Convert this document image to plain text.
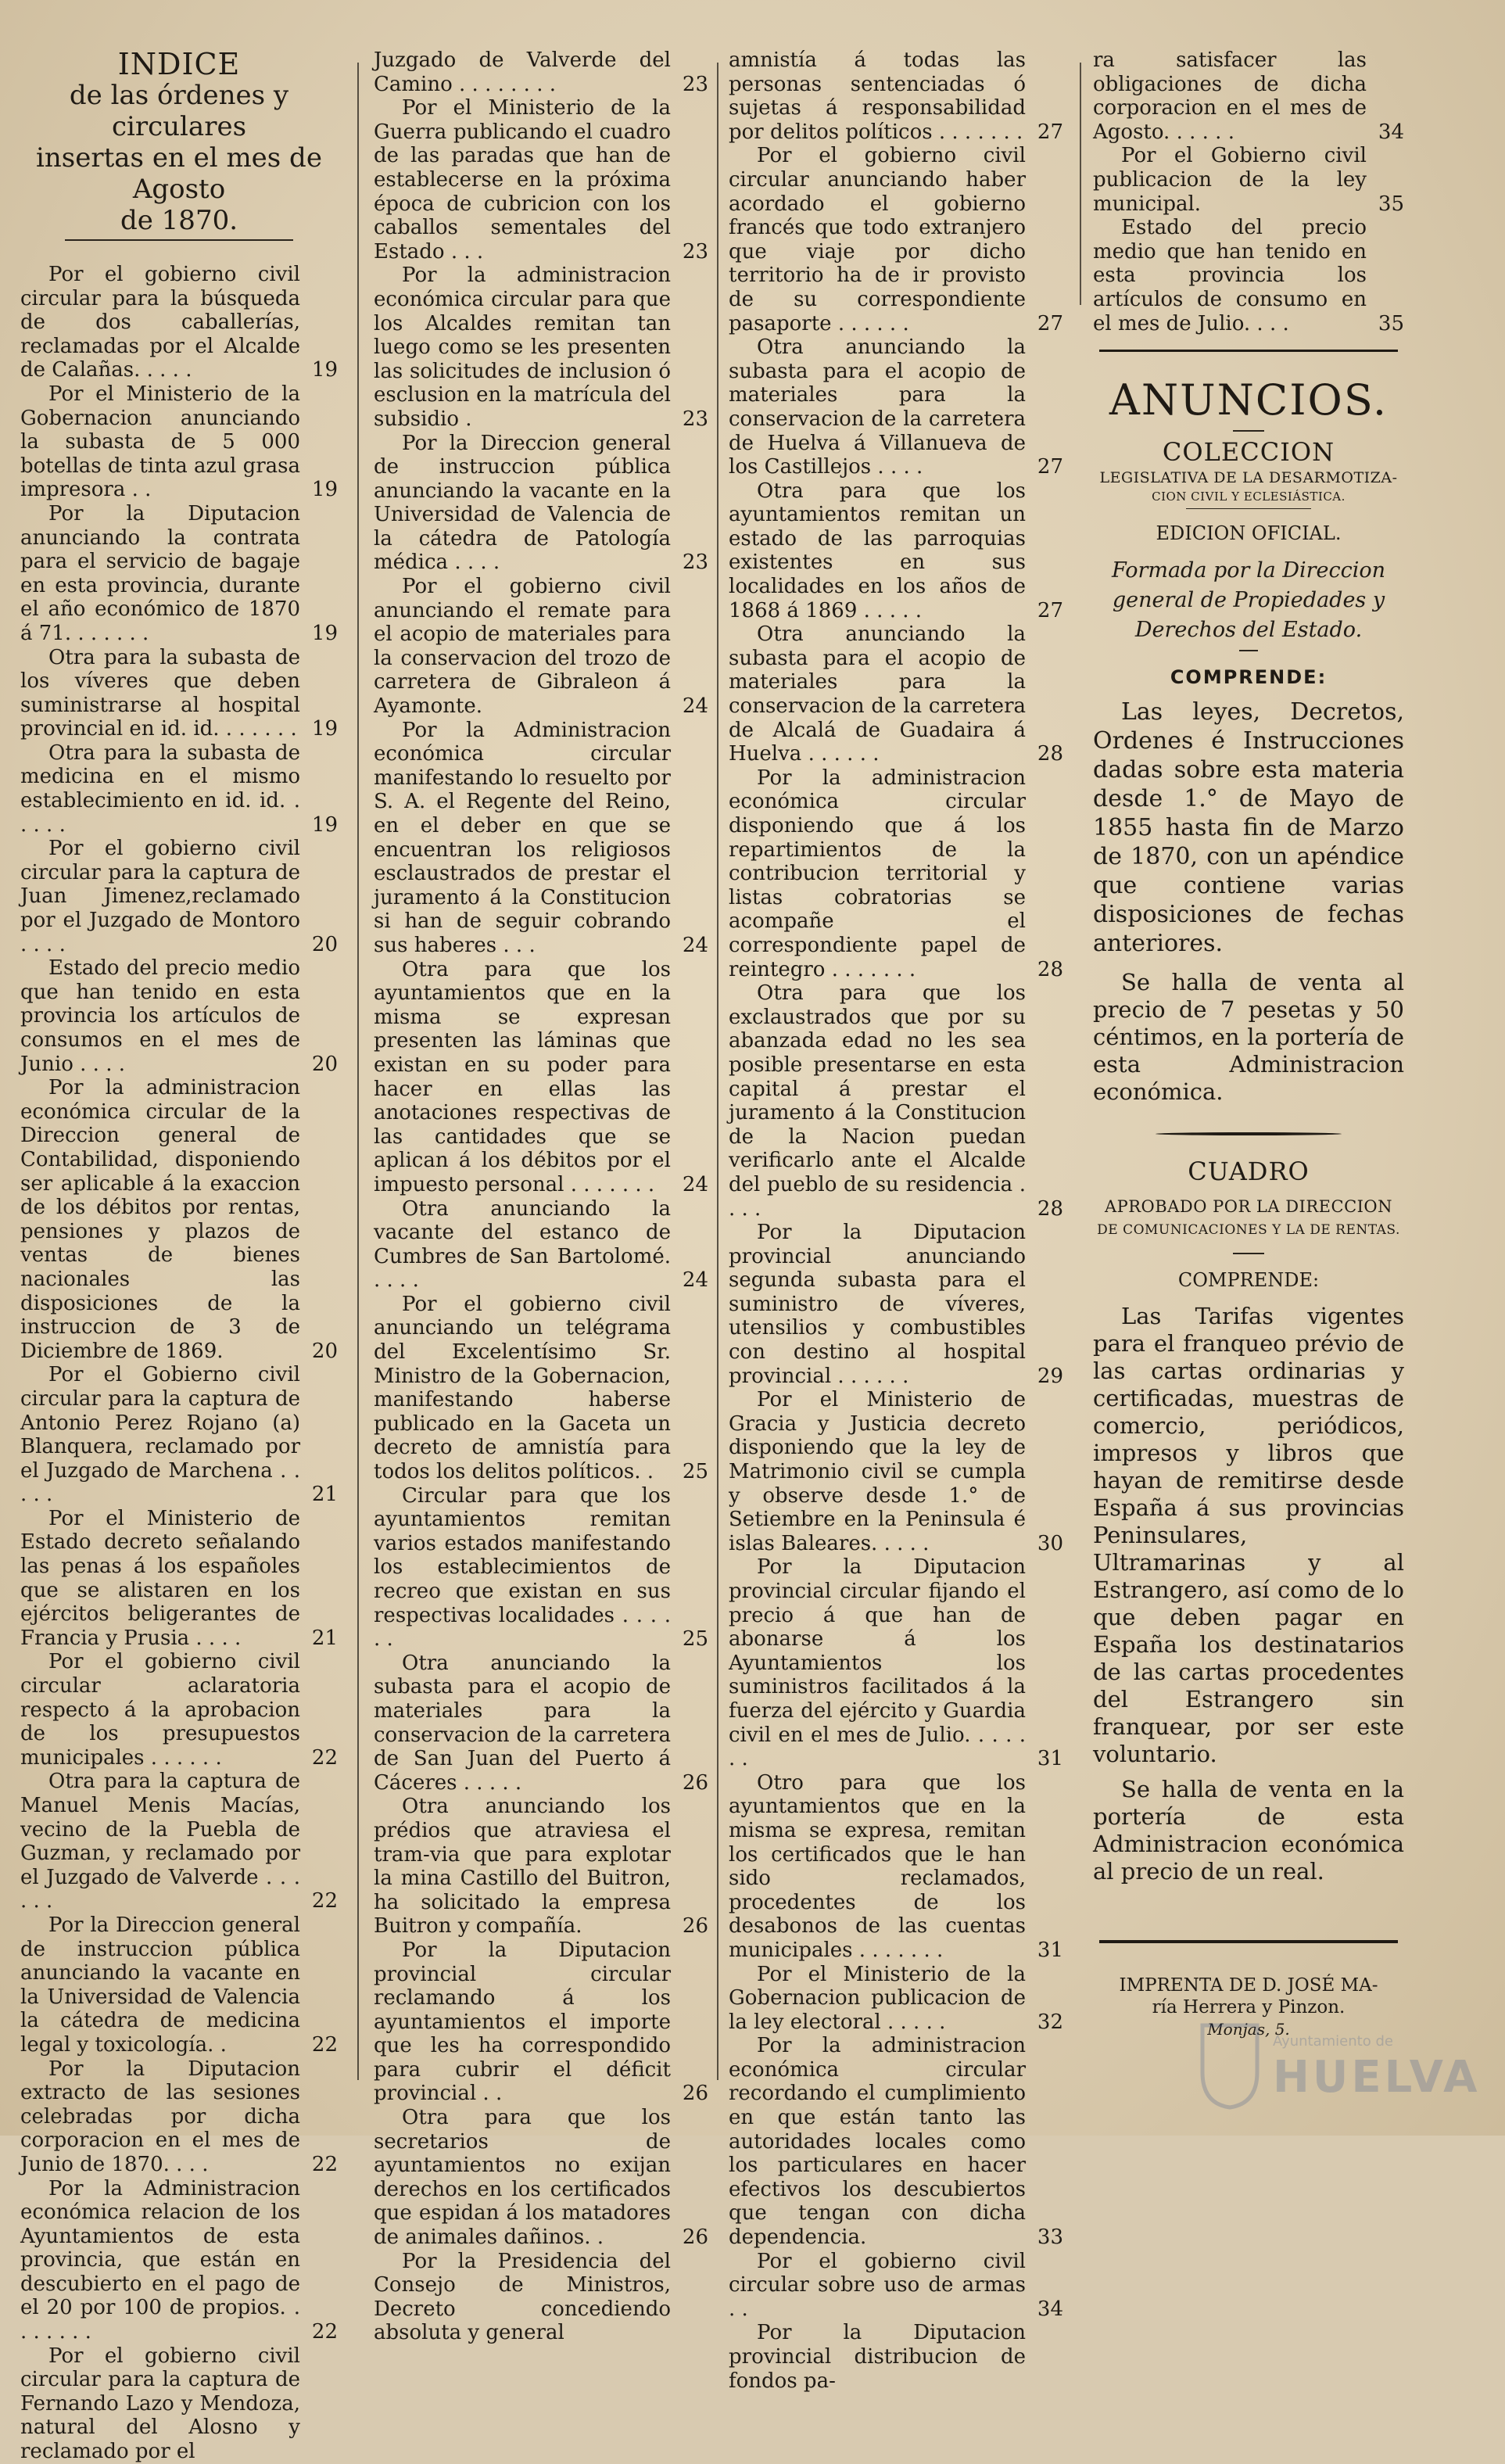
INDICE
de las órdenes y circulares
insertas en el mes de Agosto
de 1870.

Por el gobierno civil circular para la búsqueda de dos caballerías, reclamadas por el Alcalde de Calañas. . . . .	19

Por el Ministerio de la Gobernacion anunciando la subasta de 5 000 botellas de tinta azul grasa impresora . .	19

Por la Diputacion anunciando la contrata para el servicio de bagaje en esta provincia, durante el año económico de 1870 á 71. . . . . . .	19

Otra para la subasta de los víveres que deben suministrarse al hospital provincial en id. id. . . . . . . 19

Otra para la subasta de medicina en el mismo establecimiento en id. id. . . . . .	19

Por el gobierno civil circular para la captura de Juan Jimenez,reclamado por el Juzgado de Montoro . . . .	20

Estado del precio medio que han tenido en esta provincia los artículos de consumos en el mes de Junio . . . .	20

Por la administracion económica circular de la Direccion general de Contabilidad, disponiendo ser aplicable á la exaccion de los débitos por rentas, pensiones y plazos de ventas de bienes nacionales las disposiciones de la instruccion de 3 de Diciembre de 1869.	20

Por el Gobierno civil circular para la captura de Antonio Perez Rojano (a) Blanquera, reclamado por el Juzgado de Marchena . . . . .	21

Por el Ministerio de Estado decreto señalando las penas á los españoles que se alistaren en los ejércitos beligerantes de Francia y Prusia . . . .	21

Por el gobierno civil circular aclaratoria respecto á la aprobacion de los presupuestos municipales . . . . . .	22

Otra para la captura de Manuel Menis Macías, vecino de la Puebla de Guzman, y reclamado por el Juzgado de Valverde . . . . . .	22

Por la Direccion general de instruccion pública anunciando la vacante en la Universidad de Valencia la cátedra de medicina legal y toxicología. .	22

Por la Diputacion extracto de las sesiones celebradas por dicha corporacion en el mes de Junio de 1870. . . .	22

Por la Administracion económica relacion de los Ayuntamientos de esta provincia, que están en descubierto en el pago de el 20 por 100 de propios. . . . . . . .	22

Por el gobierno civil circular para la captura de Fernando Lazo y Mendoza, natural del Alosno y reclamado por el

Juzgado de Valverde del Camino . . . . . . . .	23

Por el Ministerio de la Guerra publicando el cuadro de las paradas que han de establecerse en la próxima época de cubricion con los caballos sementales del Estado . . .	23

Por la administracion económica circular para que los Alcaldes remitan tan luego como se les presenten las solicitudes de inclusion ó esclusion en la matrícula del subsidio .	23

Por la Direccion general de instruccion pública anunciando la vacante en la Universidad de Valencia de la cátedra de Patología médica . . . .	23

Por el gobierno civil anunciando el remate para el acopio de materiales para la conservacion del trozo de carretera de Gibraleon á Ayamonte.	24

Por la Administracion económica circular manifestando lo resuelto por S. A. el Regente del Reino, en el deber en que se encuentran los religiosos esclaustrados de prestar el juramento á la Constitucion si han de seguir cobrando sus haberes . . .	24

Otra para que los ayuntamientos que en la misma se expresan presenten las láminas que existan en su poder para hacer en ellas las anotaciones respectivas de las cantidades que se aplican á los débitos por el impuesto personal . . . . . . . 24

Otra anunciando la vacante del estanco de Cumbres de San Bartolomé. . . . .	24

Por el gobierno civil anunciando un telégrama del Excelentísimo Sr. Ministro de la Gobernacion, manifestando haberse publicado en la Gaceta un decreto de amnistía para todos los delitos políticos. . 25

Circular para que los ayuntamientos remitan varios estados manifestando los establecimientos de recreo que existan en sus respectivas localidades . . . . . .	25

Otra anunciando la subasta para el acopio de materiales para la conservacion de la carretera de San Juan del Puerto á Cáceres . . . . .	26

Otra anunciando los prédios que atraviesa el tram-via que para explotar la mina Castillo del Buitron, ha solicitado la empresa Buitron y compañía.	26

Por la Diputacion provincial circular reclamando á los ayuntamientos el importe que les ha correspondido para cubrir el déficit provincial . .	26

Otra para que los secretarios de ayuntamientos no exijan derechos en los certificados que espidan á los matadores de animales dañinos. .	26

Por la Presidencia del Consejo de Ministros, Decreto concediendo absoluta y general

amnistía á todas las personas sentenciadas ó sujetas á responsabilidad por delitos políticos . . . . . . . 27

Por el gobierno civil circular anunciando haber acordado el gobierno francés que todo extranjero que viaje por dicho territorio ha de ir provisto de su correspondiente pasaporte . . . . . .	27

Otra anunciando la subasta para el acopio de materiales para la conservacion de la carretera de Huelva á Villanueva de los Castillejos . . . .	27

Otra para que los ayuntamientos remitan un estado de las parroquias existentes en sus localidades en los años de 1868 á 1869 . . . . .	27

Otra anunciando la subasta para el acopio de materiales para la conservacion de la carretera de Alcalá de Guadaira á Huelva . . . . . .	28

Por la administracion económica circular disponiendo que á los repartimientos de la contribucion territorial y listas cobratorias se acompañe el correspondiente papel de reintegro . . . . . . .	28

Otra para que los exclaustrados que por su abanzada edad no les sea posible presentarse en esta capital á prestar el juramento á la Constitucion de la Nacion puedan verificarlo ante el Alcalde del pueblo de su residencia . . . .	28

Por la Diputacion provincial anunciando segunda subasta para el suministro de víveres, utensilios y combustibles con destino al hospital provincial . . . . . .	29

Por el Ministerio de Gracia y Justicia decreto disponiendo que la ley de Matrimonio civil se cumpla y observe desde 1.° de Setiembre en la Peninsula é islas Baleares. . . . .	30

Por la Diputacion provincial circular fijando el precio á que han de abonarse á los Ayuntamientos los suministros facilitados á la fuerza del ejército y Guardia civil en el mes de Julio. . . . . . .	31

Otro para que los ayuntamientos que en la misma se expresa, remitan los certificados que le han sido reclamados, procedentes de los desabonos de las cuentas municipales . . . . . . .	31

Por el Ministerio de la Gobernacion publicacion de la ley electoral . . . . .	32

Por la administracion económica circular recordando el cumplimiento en que están tanto las autoridades locales como los particulares en hacer efectivos los descubiertos que tengan con dicha dependencia.	33

Por el gobierno civil circular sobre uso de armas . .	34

Por la Diputacion provincial distribucion de fondos pa-

ra satisfacer las obligaciones de dicha corporacion en el mes de Agosto. . . . . .	34

Por el Gobierno civil publicacion de la ley municipal.	35

Estado del precio medio que han tenido en esta provincia los artículos de consumo en el mes de Julio. . . .	35

ANUNCIOS.
COLECCION
LEGISLATIVA DE LA DESARMOTIZA-
CION CIVIL Y ECLESIÁSTICA.
EDICION OFICIAL.
Formada por la Direccion general de Propiedades y Derechos del Estado.
COMPRENDE:

Las leyes, Decretos, Ordenes é Instrucciones dadas sobre esta materia desde 1.° de Mayo de 1855 hasta fin de Marzo de 1870, con un apéndice que contiene varias disposiciones de fechas anteriores.

Se halla de venta al precio de 7 pesetas y 50 céntimos, en la portería de esta Administracion económica.

CUADRO
APROBADO POR LA DIRECCION
DE COMUNICACIONES Y LA DE RENTAS.
COMPRENDE:

Las Tarifas vigentes para el franqueo prévio de las cartas ordinarias y certificadas, muestras de comercio, periódicos, impresos y libros que hayan de remitirse desde España á sus provincias Peninsulares, Ultramarinas y al Estrangero, así como de lo que deben pagar en España los destinatarios de las cartas procedentes del Estrangero sin franquear, por ser este voluntario.

Se halla de venta en la portería de esta Administracion económica al precio de un real.

IMPRENTA DE D. JOSÉ MA-
ría Herrera y Pinzon.
Monjas, 5.
Ayuntamiento de
HUELVA
